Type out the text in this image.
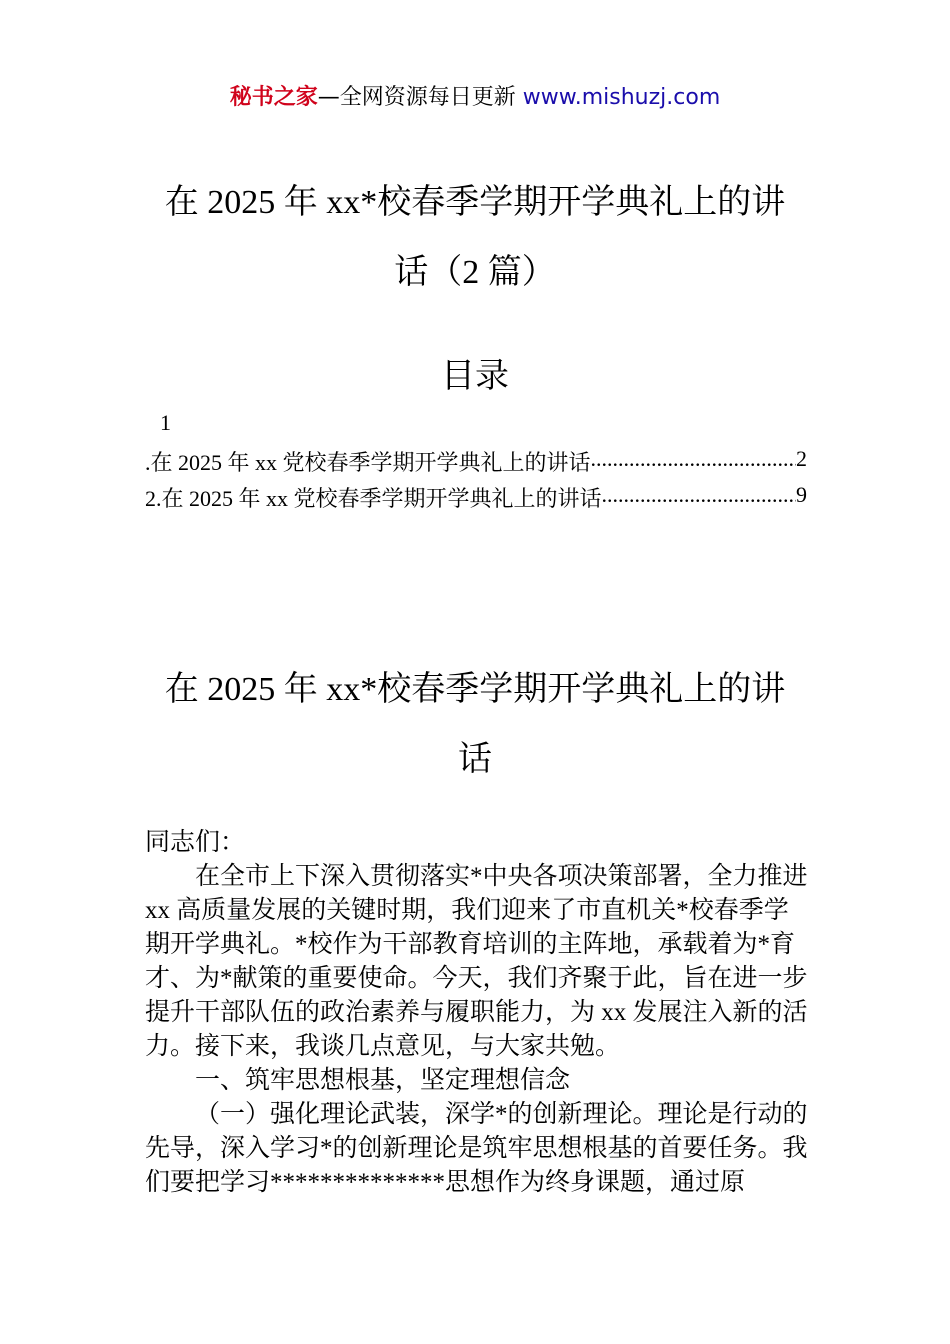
秘书之家—全网资源每日更新 www.mishuzj.com
在 2025 年 xx*校春季学期开学典礼上的讲话（2 篇）
目录
1
.在 2025 年 xx 党校春季学期开学典礼上的讲话 .....	2
2.在 2025 年 xx 党校春季学期开学典礼上的讲话 .....	9
在 2025 年 xx*校春季学期开学典礼上的讲话

同志们：

在全市上下深入贯彻落实*中央各项决策部署，全力推进 xx 高质量发展的关键时期，我们迎来了市直机关*校春季学期开学典礼。*校作为干部教育培训的主阵地，承载着为*育才、为*献策的重要使命。今天，我们齐聚于此，旨在进一步提升干部队伍的政治素养与履职能力，为 xx 发展注入新的活力。接下来，我谈几点意见，与大家共勉。

一、筑牢思想根基，坚定理想信念

（一）强化理论武装，深学*的创新理论。理论是行动的先导，深入学习*的创新理论是筑牢思想根基的首要任务。我们要把学习**************思想作为终身课题，通过原
